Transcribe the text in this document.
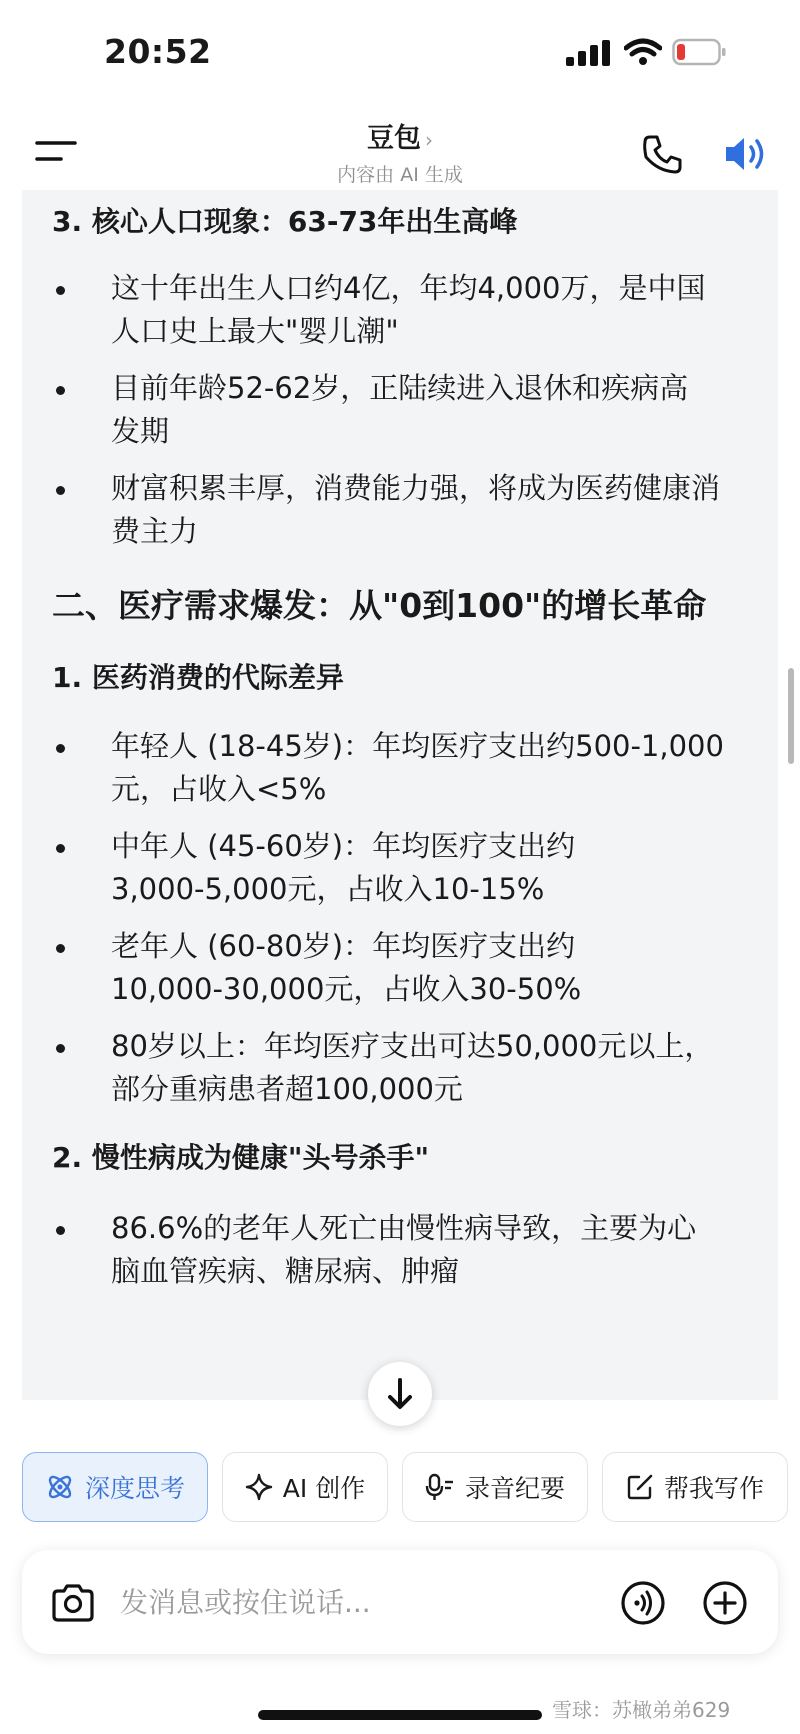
20:52
豆包 ›
内容由 AI 生成
3. 核心人口现象：63-73年出生高峰
这十年出生人口约4亿，年均4,000万，是中国
人口史上最大"婴儿潮"
目前年龄52-62岁，正陆续进入退休和疾病高
发期
财富积累丰厚，消费能力强，将成为医药健康消
费主力
二、医疗需求爆发：从"0到100"的增长革命
1. 医药消费的代际差异
年轻人 (18-45岁)：年均医疗支出约500-1,000
元，占收入<5%
中年人 (45-60岁)：年均医疗支出约
3,000-5,000元，占收入10-15%
老年人 (60-80岁)：年均医疗支出约
10,000-30,000元，占收入30-50%
80岁以上：年均医疗支出可达50,000元以上，
部分重病患者超100,000元
2. 慢性病成为健康"头号杀手"
86.6%的老年人死亡由慢性病导致，主要为心
脑血管疾病、糖尿病、肿瘤
深度思考	AI 创作	录音纪要	帮我写作
发消息或按住说话...
雪球：苏橄弟弟629
